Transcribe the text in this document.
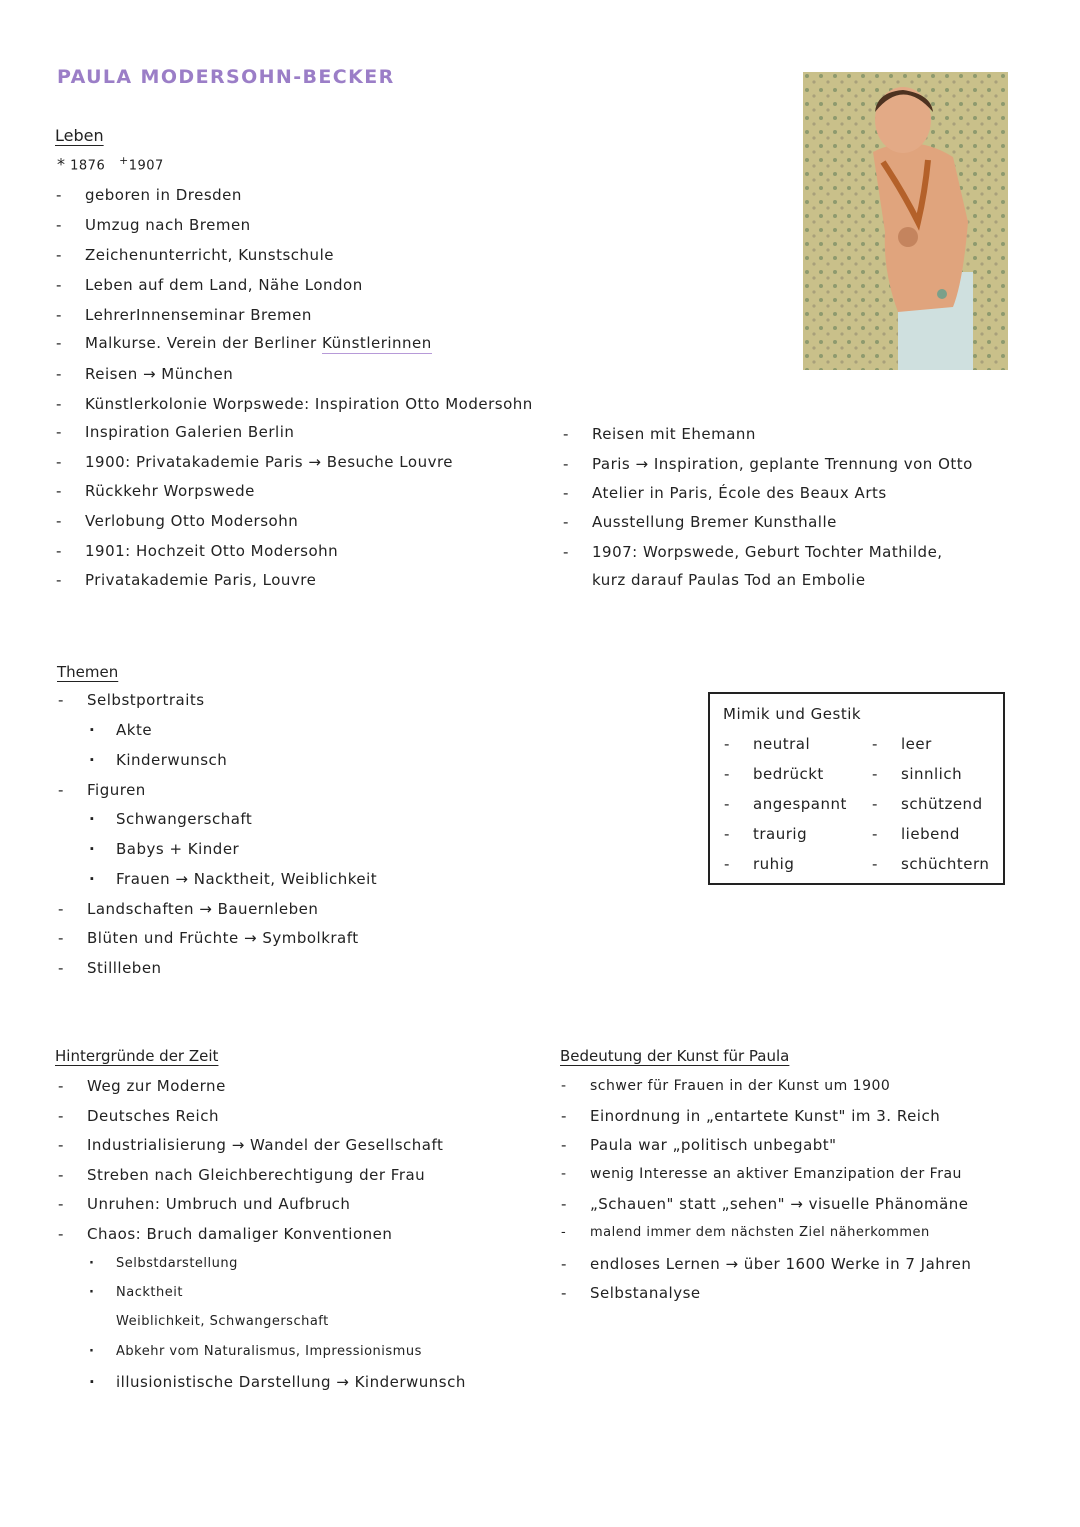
PAULA MODERSOHN-BECKER
Leben
* 1876 +1907
- geboren in Dresden
- Umzug nach Bremen
- Zeichenunterricht, Kunstschule
- Leben auf dem Land, Nähe London
- LehrerInnenseminar Bremen
- Malkurse. Verein der Berliner Künstlerinnen
- Reisen → München
- Künstlerkolonie Worpswede: Inspiration Otto Modersohn
- Inspiration Galerien Berlin
- 1900: Privatakademie Paris → Besuche Louvre
- Rückkehr Worpswede
- Verlobung Otto Modersohn
- 1901: Hochzeit Otto Modersohn
- Privatakademie Paris, Louvre
- Reisen mit Ehemann
- Paris → Inspiration, geplante Trennung von Otto
- Atelier in Paris, École des Beaux Arts
- Ausstellung Bremer Kunsthalle
- 1907: Worpswede, Geburt Tochter Mathilde,
kurz darauf Paulas Tod an Embolie
Themen
- Selbstportraits
· Akte
· Kinderwunsch
- Figuren
· Schwangerschaft
· Babys + Kinder
· Frauen → Nacktheit, Weiblichkeit
- Landschaften → Bauernleben
- Blüten und Früchte → Symbolkraft
- Stillleben
Mimik und Gestik
- neutral
- bedrückt
- angespannt
- traurig
- ruhig
- leer
- sinnlich
- schützend
- liebend
- schüchtern
Hintergründe der Zeit
- Weg zur Moderne
- Deutsches Reich
- Industrialisierung → Wandel der Gesellschaft
- Streben nach Gleichberechtigung der Frau
- Unruhen: Umbruch und Aufbruch
- Chaos: Bruch damaliger Konventionen
· Selbstdarstellung
· Nacktheit
Weiblichkeit, Schwangerschaft
· Abkehr vom Naturalismus, Impressionismus
· illusionistische Darstellung → Kinderwunsch
Bedeutung der Kunst für Paula
- schwer für Frauen in der Kunst um 1900
- Einordnung in „entartete Kunst" im 3. Reich
- Paula war „politisch unbegabt"
- wenig Interesse an aktiver Emanzipation der Frau
- „Schauen" statt „sehen" → visuelle Phänomäne
- malend immer dem nächsten Ziel näherkommen
- endloses Lernen → über 1600 Werke in 7 Jahren
- Selbstanalyse
